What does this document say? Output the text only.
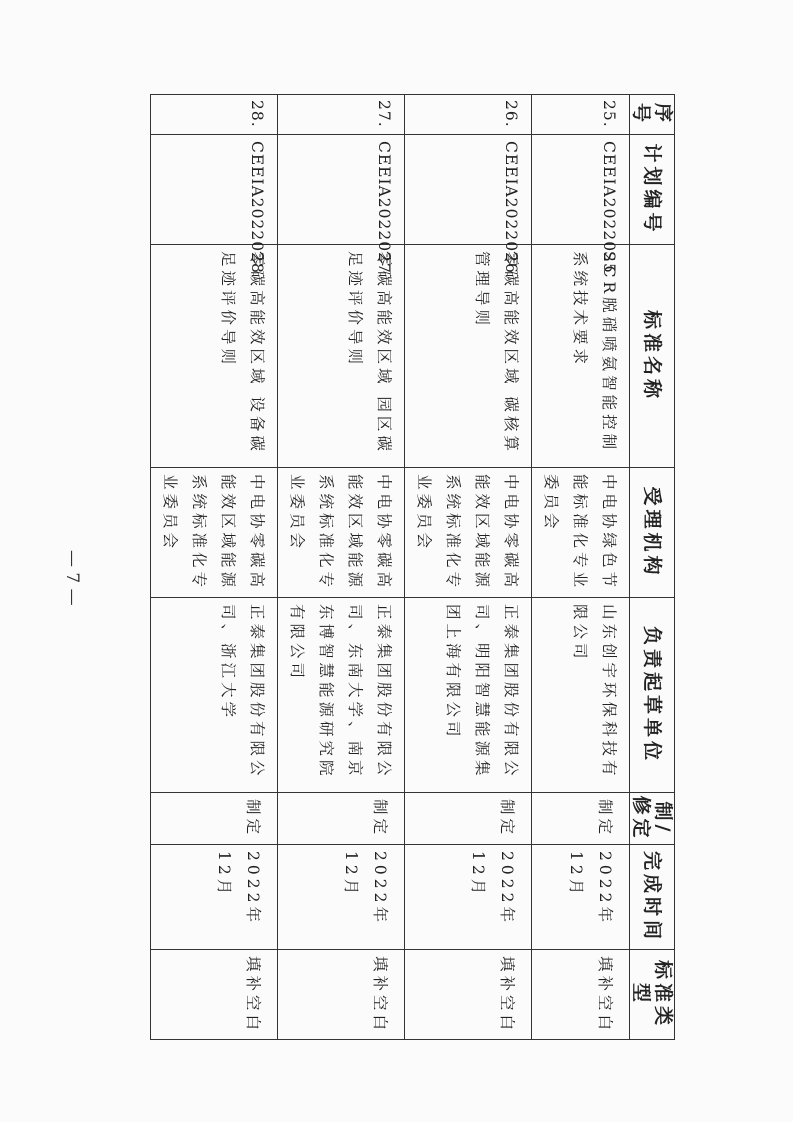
序号	计划编号	标准名称	受理机构	负责起草单位	制/修定	完成时间	标准类型
25.	CEEIA2022025	SCR脱硝喷氨智能控制系统技术要求	中电协绿色节能标准化专业委员会	山东创宇环保科技有限公司	制定	2022年12月	填补空白
26.	CEEIA2022026	零碳高能效区域 碳核算管理导则	中电协零碳高能效区域能源系统标准化专业委员会	正泰集团股份有限公司、明阳智慧能源集团上海有限公司	制定	2022年12月	填补空白
27.	CEEIA2022027	零碳高能效区域 园区碳足迹评价导则	中电协零碳高能效区域能源系统标准化专业委员会	正泰集团股份有限公司、东南大学、南京东博智慧能源研究院有限公司	制定	2022年12月	填补空白
28.	CEEIA2022028	零碳高能效区域 设备碳足迹评价导则	中电协零碳高能效区域能源系统标准化专业委员会	正泰集团股份有限公司、浙江大学	制定	2022年12月	填补空白
— 7 —
